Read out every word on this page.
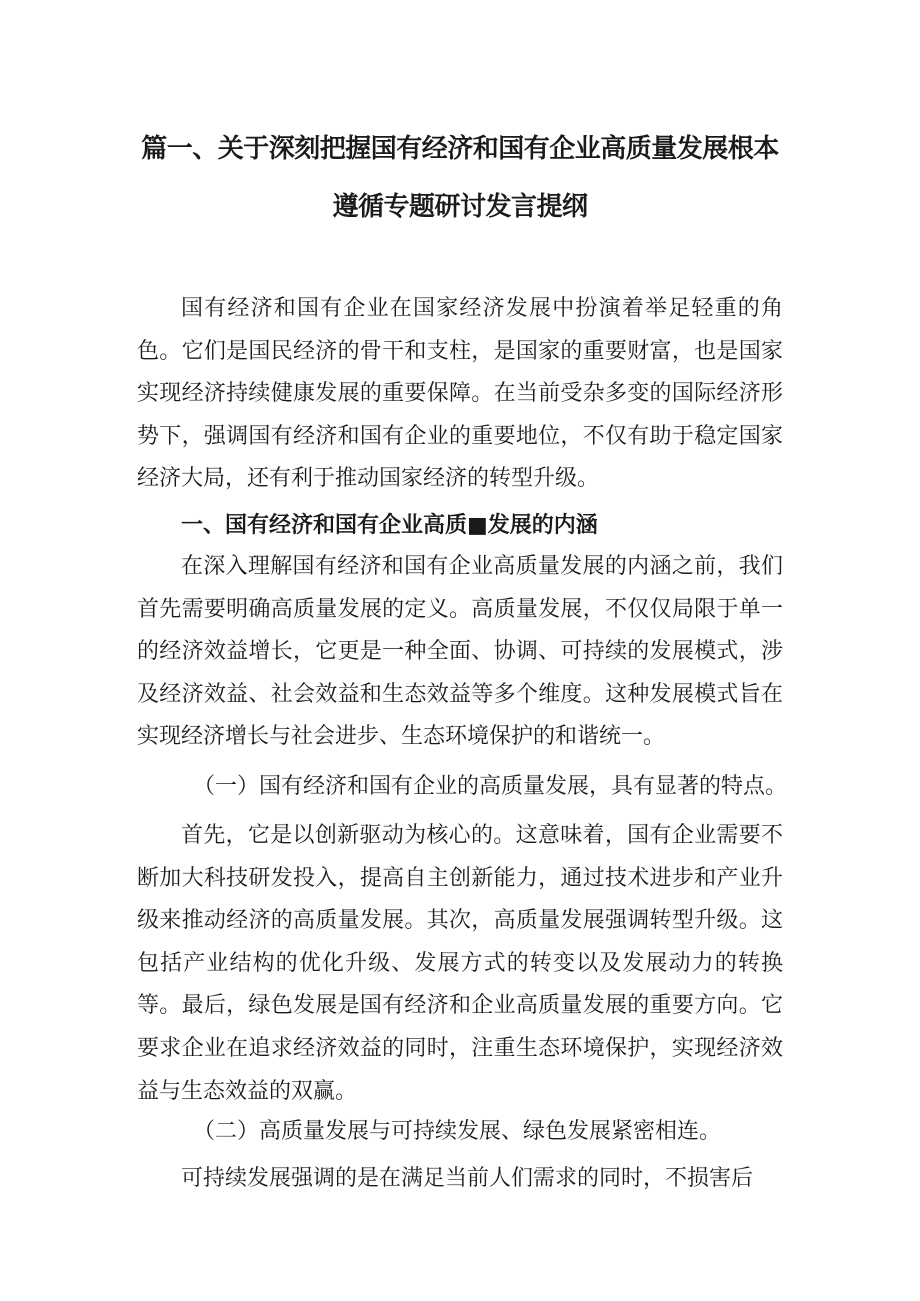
篇一、关于深刻把握国有经济和国有企业高质量发展根本
遵循专题研讨发言提纲

国有经济和国有企业在国家经济发展中扮演着举足轻重的角色。它们是国民经济的骨干和支柱，是国家的重要财富，也是国家实现经济持续健康发展的重要保障。在当前受杂多变的国际经济形势下，强调国有经济和国有企业的重要地位，不仅有助于稳定国家经济大局，还有利于推动国家经济的转型升级。

一、国有经济和国有企业高质■发展的内涵

在深入理解国有经济和国有企业高质量发展的内涵之前，我们首先需要明确高质量发展的定义。高质量发展，不仅仅局限于单一的经济效益增长，它更是一种全面、协调、可持续的发展模式，涉及经济效益、社会效益和生态效益等多个维度。这种发展模式旨在实现经济增长与社会进步、生态环境保护的和谐统一。

（一）国有经济和国有企业的高质量发展，具有显著的特点。

首先，它是以创新驱动为核心的。这意味着，国有企业需要不断加大科技研发投入，提高自主创新能力，通过技术进步和产业升级来推动经济的高质量发展。其次，高质量发展强调转型升级。这包括产业结构的优化升级、发展方式的转变以及发展动力的转换等。最后，绿色发展是国有经济和企业高质量发展的重要方向。它要求企业在追求经济效益的同时，注重生态环境保护，实现经济效益与生态效益的双赢。

（二）高质量发展与可持续发展、绿色发展紧密相连。

可持续发展强调的是在满足当前人们需求的同时，不损害后
